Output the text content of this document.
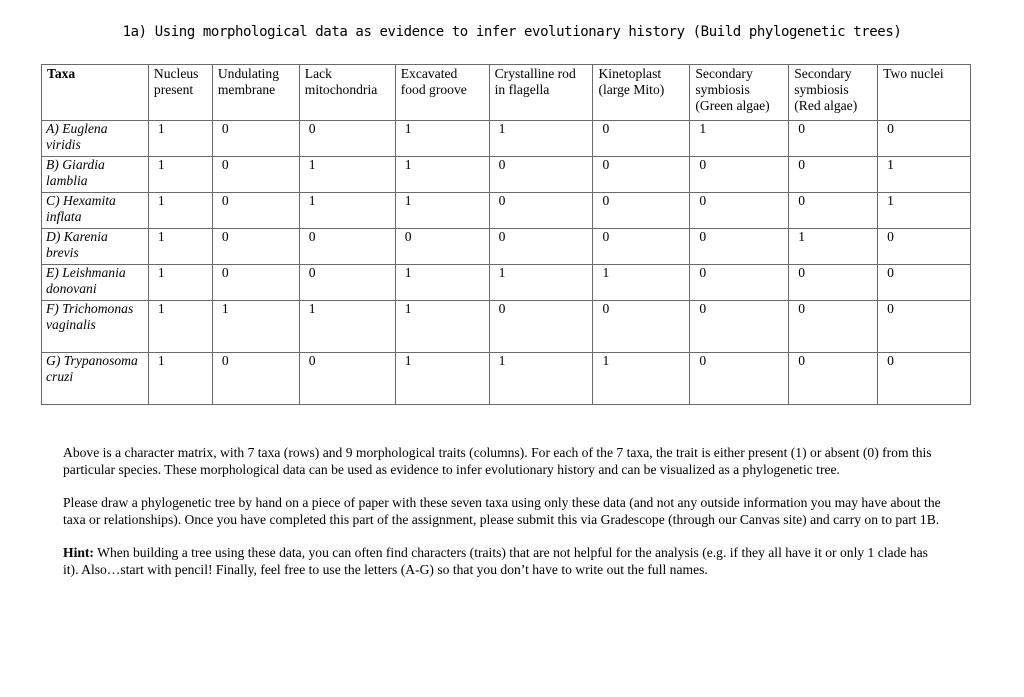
1a) Using morphological data as evidence to infer evolutionary history (Build phylogenetic trees)
Taxa	Nucleus present	Undulating membrane	Lack mitochondria	Excavated food groove	Crystalline rod in flagella	Kinetoplast (large Mito)	Secondary symbiosis (Green algae)	Secondary symbiosis (Red algae)	Two nuclei
A) Euglena viridis	1	0	0	1	1	0	1	0	0
B) Giardia lamblia	1	0	1	1	0	0	0	0	1
C) Hexamita inflata	1	0	1	1	0	0	0	0	1
D) Karenia brevis	1	0	0	0	0	0	0	1	0
E) Leishmania donovani	1	0	0	1	1	1	0	0	0
F) Trichomonas vaginalis	1	1	1	1	0	0	0	0	0
G) Trypanosoma cruzi	1	0	0	1	1	1	0	0	0

Above is a character matrix, with 7 taxa (rows) and 9 morphological traits (columns). For each of the 7 taxa, the trait is either present (1) or absent (0) from this particular species. These morphological data can be used as evidence to infer evolutionary history and can be visualized as a phylogenetic tree.

Please draw a phylogenetic tree by hand on a piece of paper with these seven taxa using only these data (and not any outside information you may have about the taxa or relationships). Once you have completed this part of the assignment, please submit this via Gradescope (through our Canvas site) and carry on to part 1B.

Hint: When building a tree using these data, you can often find characters (traits) that are not helpful for the analysis (e.g. if they all have it or only 1 clade has it). Also…start with pencil! Finally, feel free to use the letters (A-G) so that you don’t have to write out the full names.
